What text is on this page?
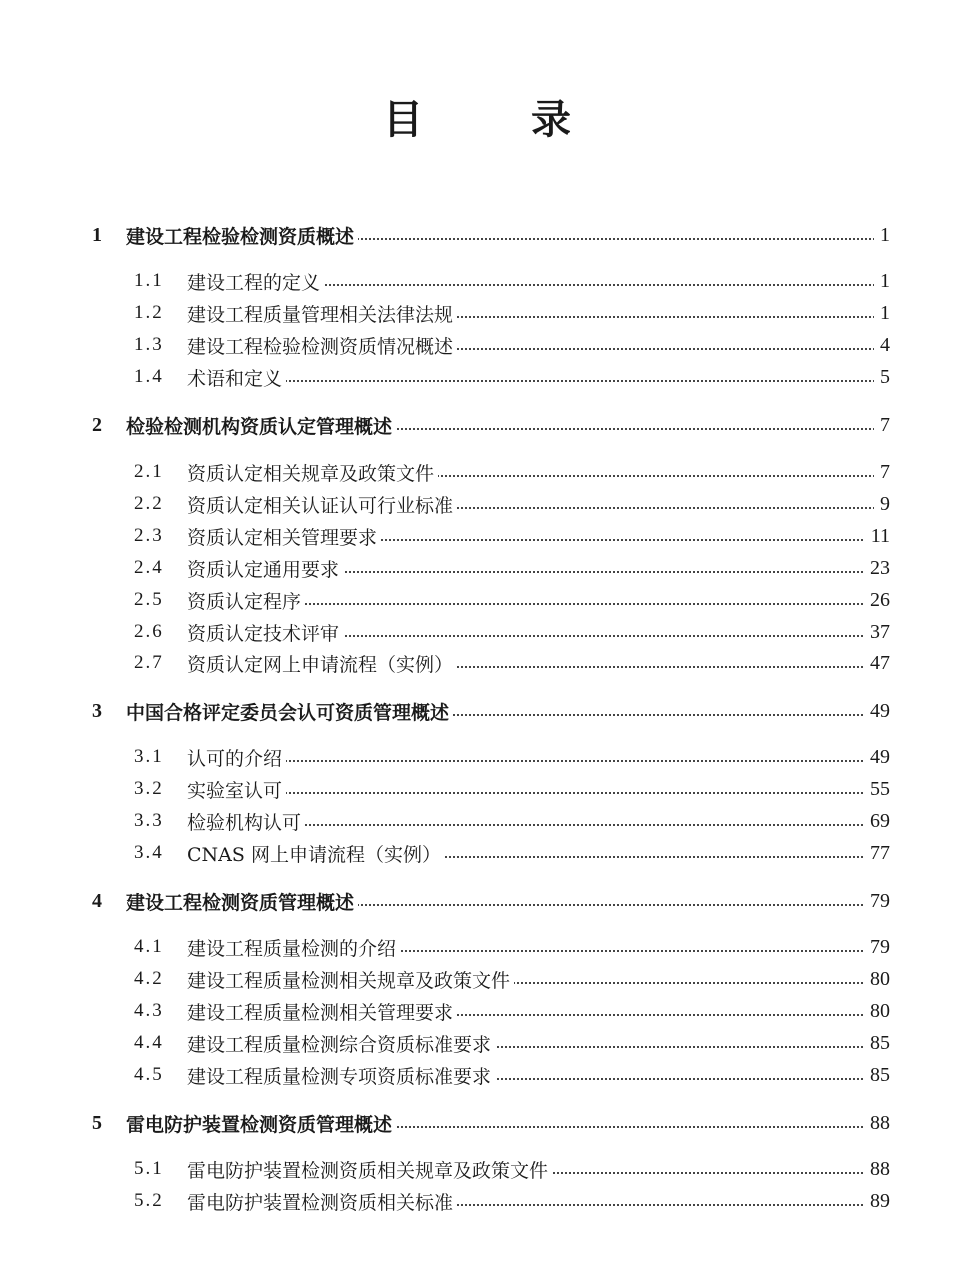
目	录
1 建设工程检验检测资质概述	1
1.1 建设工程的定义	1
1.2 建设工程质量管理相关法律法规	1
1.3 建设工程检验检测资质情况概述	4
1.4 术语和定义	5
2 检验检测机构资质认定管理概述	7
2.1 资质认定相关规章及政策文件	7
2.2 资质认定相关认证认可行业标准	9
2.3 资质认定相关管理要求	11
2.4 资质认定通用要求	23
2.5 资质认定程序	26
2.6 资质认定技术评审	37
2.7 资质认定网上申请流程（实例）	47
3 中国合格评定委员会认可资质管理概述	49
3.1 认可的介绍	49
3.2 实验室认可	55
3.3 检验机构认可	69
3.4 CNAS 网上申请流程（实例）	77
4 建设工程检测资质管理概述	79
4.1 建设工程质量检测的介绍	79
4.2 建设工程质量检测相关规章及政策文件	80
4.3 建设工程质量检测相关管理要求	80
4.4 建设工程质量检测综合资质标准要求	85
4.5 建设工程质量检测专项资质标准要求	85
5 雷电防护装置检测资质管理概述	88
5.1 雷电防护装置检测资质相关规章及政策文件	88
5.2 雷电防护装置检测资质相关标准	89
